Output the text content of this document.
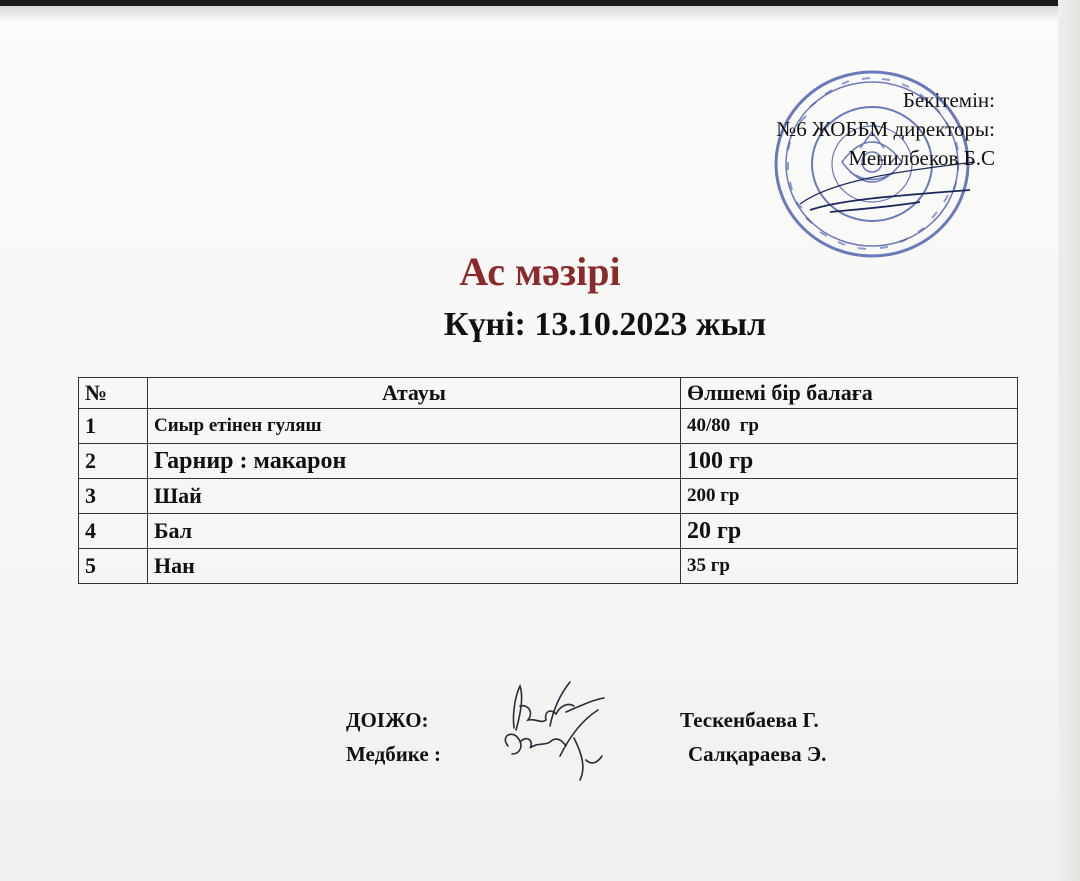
Бекітемін:
№6 ЖОББМ директоры:
Менилбеков Б.С
Ас мәзірі
Күні: 13.10.2023 жыл
№	Атауы	Өлшемі бір балаға
1	Сиыр етінен гуляш	40/80  гр
2	Гарнир : макарон	100 гр
3	Шай	200 гр
4	Бал	20 гр
5	Нан	35 гр
ДОІЖО:	Тескенбаева Г.
Медбике :	Салқараева Э.
